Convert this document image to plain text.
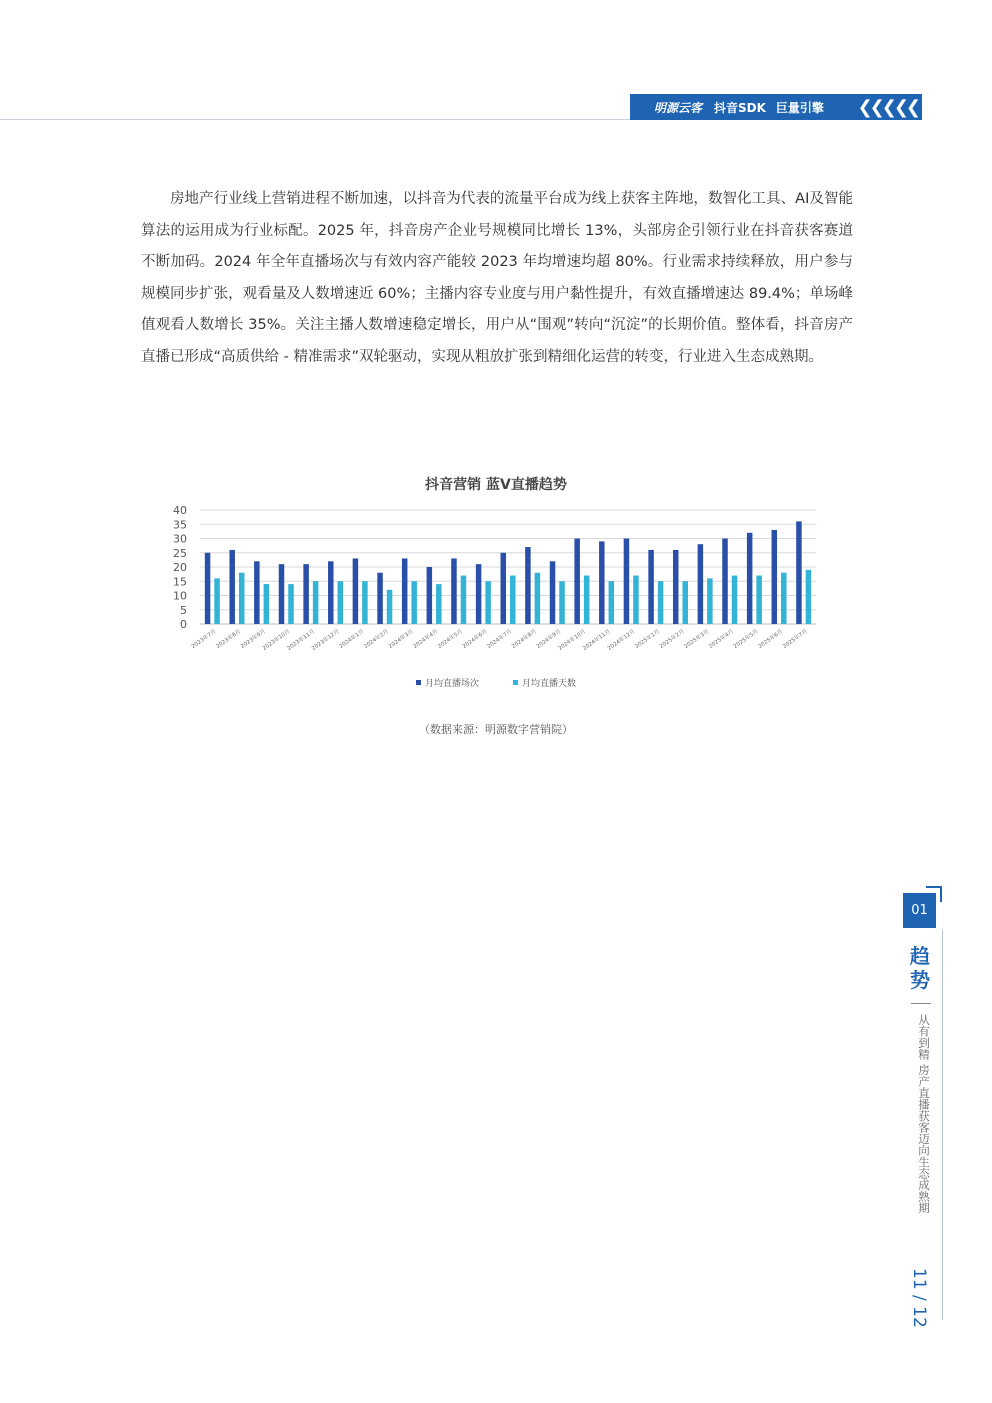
明源云客 抖音SDK 巨量引擎 ❮❮❮❮❮

房地产行业线上营销进程不断加速，以抖音为代表的流量平台成为线上获客主阵地，数智化工具、AI及智能算法的运用成为行业标配。2025 年，抖音房产企业号规模同比增长 13%，头部房企引领行业在抖音获客赛道不断加码。2024 年全年直播场次与有效内容产能较 2023 年均增速均超 80%。行业需求持续释放，用户参与规模同步扩张，观看量及人数增速近 60%；主播内容专业度与用户黏性提升，有效直播增速达 89.4%；单场峰值观看人数增长 35%。关注主播人数增速稳定增长，用户从“围观”转向“沉淀”的长期价值。整体看，抖音房产直播已形成“高质供给 - 精准需求”双轮驱动，实现从粗放扩张到精细化运营的转变，行业进入生态成熟期。

抖音营销 蓝V直播趋势
0
5
10
15
20
25
30
35
40
2023年7月
2023年8月
2023年9月
2023年10月
2023年11月
2023年12月
2024年1月
2024年2月
2024年3月
2024年4月
2024年5月
2024年6月
2024年7月
2024年8月
2024年9月
2024年10月
2024年11月
2024年12月
2025年1月
2025年2月
2025年3月
2025年4月
2025年5月
2025年6月
2025年7月
月均直播场次	月均直播天数
（数据来源：明源数字营销院）
01
趋势
从有到精 房产直播获客迈向生态成熟期
11 / 12
